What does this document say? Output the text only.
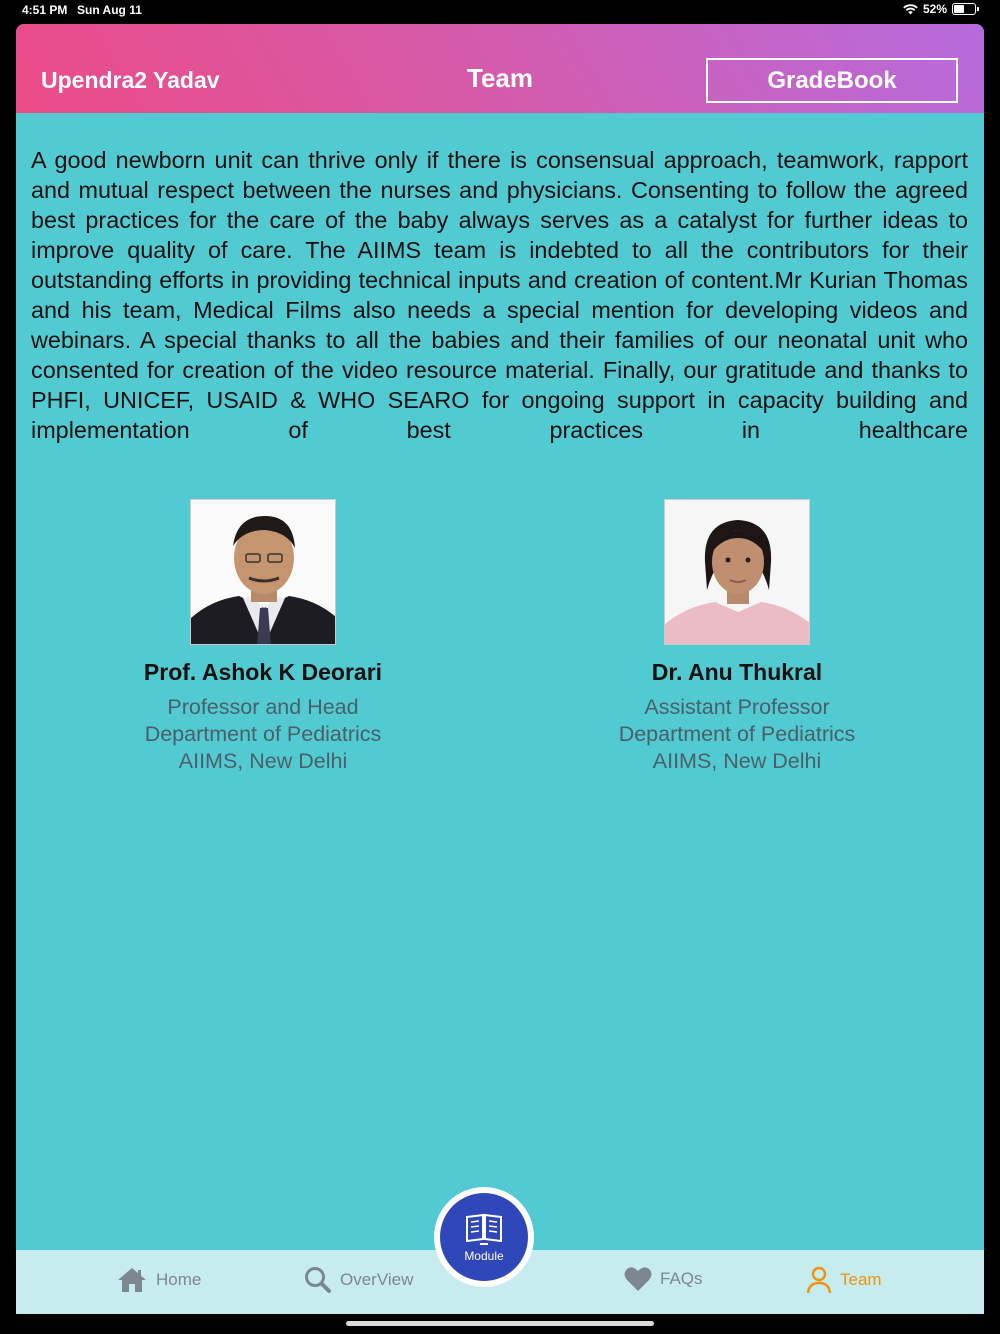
4:51 PM Sun Aug 11	52%
Upendra2 Yadav	Team	GradeBook

A good newborn unit can thrive only if there is consensual approach, teamwork, rapport and mutual respect between the nurses and physicians. Consenting to follow the agreed best practices for the care of the baby always serves as a catalyst for further ideas to improve quality of care. The AIIMS team is indebted to all the contributors for their outstanding efforts in providing technical inputs and creation of content.Mr Kurian Thomas and his team, Medical Films also needs a special mention for developing videos and webinars. A special thanks to all the babies and their families of our neonatal unit who consented for creation of the video resource material. Finally, our gratitude and thanks to PHFI, UNICEF, USAID & WHO SEARO for ongoing support in capacity building and implementation of best practices in healthcare

Prof. Ashok K Deorari
Professor and Head
Department of Pediatrics
AIIMS, New Delhi
Dr. Anu Thukral
Assistant Professor
Department of Pediatrics
AIIMS, New Delhi
Home	OverView	FAQs	Team
Module
